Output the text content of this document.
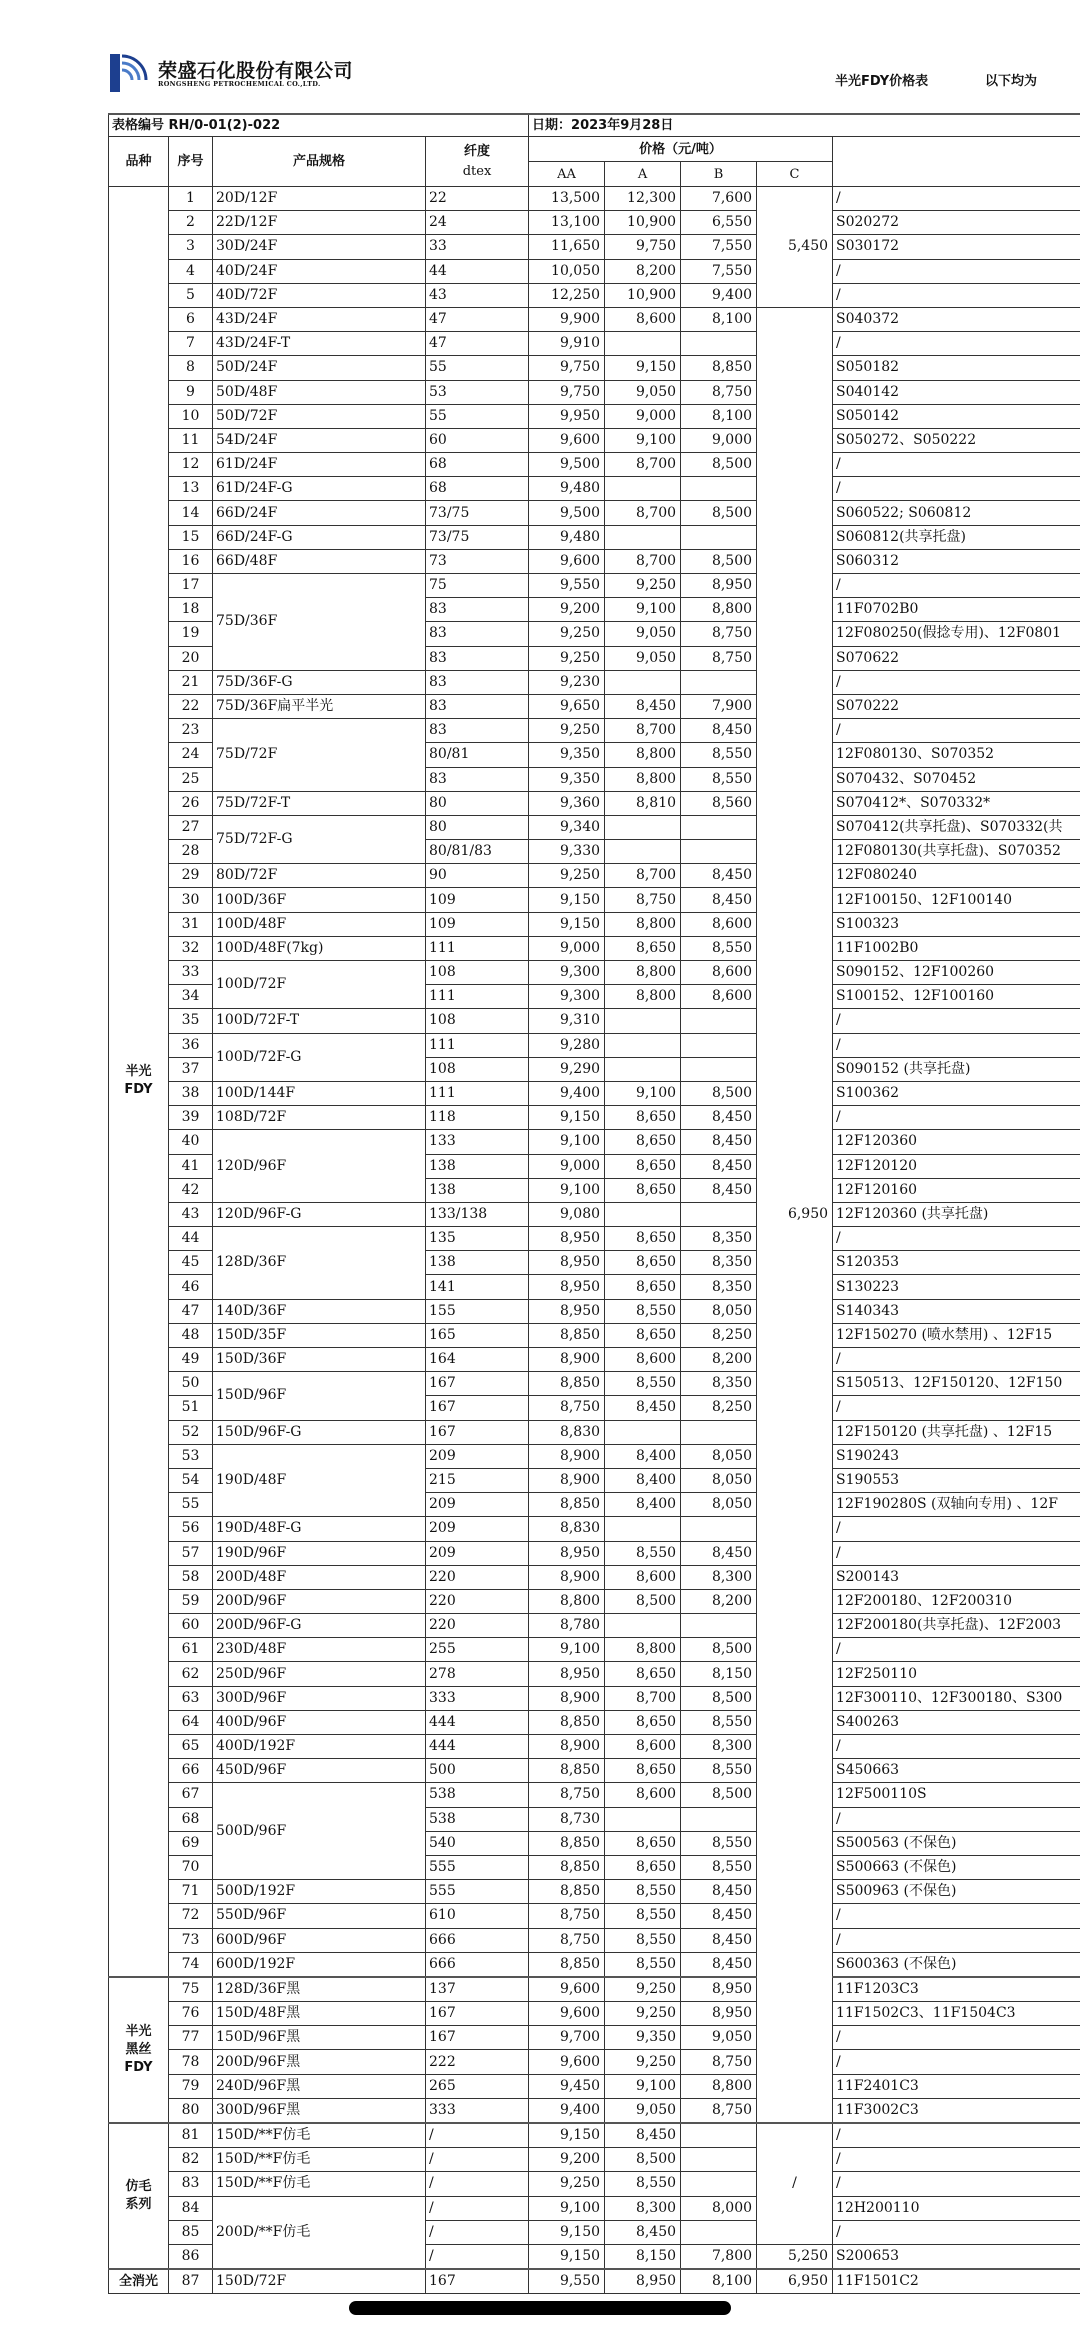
荣盛石化股份有限公司
RONGSHENG PETROCHEMICAL CO.,LTD.	半光FDY价格表	以下均为
表格编号 RH/0-01(2)-022				日期：2023年9月28日				
品种	序号	产品规格	纤度
dtex	价格（元/吨）				
				AA	A	B	C	
半光
FDY	1	20D/12F	22	13,500	12,300	7,600	5,450	/
	2	22D/12F	24	13,100	10,900	6,550		S020272
	3	30D/24F	33	11,650	9,750	7,550		S030172
	4	40D/24F	44	10,050	8,200	7,550		/
	5	40D/72F	43	12,250	10,900	9,400		/
	6	43D/24F	47	9,900	8,600	8,100	6,950	S040372
	7	43D/24F-T	47	9,910				/
	8	50D/24F	55	9,750	9,150	8,850		S050182
	9	50D/48F	53	9,750	9,050	8,750		S040142
	10	50D/72F	55	9,950	9,000	8,100		S050142
	11	54D/24F	60	9,600	9,100	9,000		S050272、S050222
	12	61D/24F	68	9,500	8,700	8,500		/
	13	61D/24F-G	68	9,480				/
	14	66D/24F	73/75	9,500	8,700	8,500		S060522; S060812
	15	66D/24F-G	73/75	9,480				S060812(共享托盘)
	16	66D/48F	73	9,600	8,700	8,500		S060312
	17	75D/36F	75	9,550	9,250	8,950		/
	18		83	9,200	9,100	8,800		11F0702B0
	19		83	9,250	9,050	8,750		12F080250(假捻专用)、12F0801
	20		83	9,250	9,050	8,750		S070622
	21	75D/36F-G	83	9,230				/
	22	75D/36F扁平半光	83	9,650	8,450	7,900		S070222
	23	75D/72F	83	9,250	8,700	8,450		/
	24		80/81	9,350	8,800	8,550		12F080130、S070352
	25		83	9,350	8,800	8,550		S070432、S070452
	26	75D/72F-T	80	9,360	8,810	8,560		S070412*、S070332*
	27	75D/72F-G	80	9,340				S070412(共享托盘)、S070332(共
	28		80/81/83	9,330				12F080130(共享托盘)、S070352
	29	80D/72F	90	9,250	8,700	8,450		12F080240
	30	100D/36F	109	9,150	8,750	8,450		12F100150、12F100140
	31	100D/48F	109	9,150	8,800	8,600		S100323
	32	100D/48F(7kg)	111	9,000	8,650	8,550		11F1002B0
	33	100D/72F	108	9,300	8,800	8,600		S090152、12F100260
	34		111	9,300	8,800	8,600		S100152、12F100160
	35	100D/72F-T	108	9,310				/
	36	100D/72F-G	111	9,280				/
	37		108	9,290				S090152 (共享托盘)
	38	100D/144F	111	9,400	9,100	8,500		S100362
	39	108D/72F	118	9,150	8,650	8,450		/
	40	120D/96F	133	9,100	8,650	8,450		12F120360
	41		138	9,000	8,650	8,450		12F120120
	42		138	9,100	8,650	8,450		12F120160
	43	120D/96F-G	133/138	9,080				12F120360 (共享托盘)
	44	128D/36F	135	8,950	8,650	8,350		/
	45		138	8,950	8,650	8,350		S120353
	46		141	8,950	8,650	8,350		S130223
	47	140D/36F	155	8,950	8,550	8,050		S140343
	48	150D/35F	165	8,850	8,650	8,250		12F150270 (喷水禁用) 、12F15
	49	150D/36F	164	8,900	8,600	8,200		/
	50	150D/96F	167	8,850	8,550	8,350		S150513、12F150120、12F150
	51		167	8,750	8,450	8,250		/
	52	150D/96F-G	167	8,830				12F150120 (共享托盘) 、12F15
	53	190D/48F	209	8,900	8,400	8,050		S190243
	54		215	8,900	8,400	8,050		S190553
	55		209	8,850	8,400	8,050		12F190280S (双轴向专用) 、12F
	56	190D/48F-G	209	8,830				/
	57	190D/96F	209	8,950	8,550	8,450		/
	58	200D/48F	220	8,900	8,600	8,300		S200143
	59	200D/96F	220	8,800	8,500	8,200		12F200180、12F200310
	60	200D/96F-G	220	8,780				12F200180(共享托盘)、12F2003
	61	230D/48F	255	9,100	8,800	8,500		/
	62	250D/96F	278	8,950	8,650	8,150		12F250110
	63	300D/96F	333	8,900	8,700	8,500		12F300110、12F300180、S300
	64	400D/96F	444	8,850	8,650	8,550		S400263
	65	400D/192F	444	8,900	8,600	8,300		/
	66	450D/96F	500	8,850	8,650	8,550		S450663
	67	500D/96F	538	8,750	8,600	8,500		12F500110S
	68		538	8,730				/
	69		540	8,850	8,650	8,550		S500563 (不保色)
	70		555	8,850	8,650	8,550		S500663 (不保色)
	71	500D/192F	555	8,850	8,550	8,450		S500963 (不保色)
	72	550D/96F	610	8,750	8,550	8,450		/
	73	600D/96F	666	8,750	8,550	8,450		/
	74	600D/192F	666	8,850	8,550	8,450		S600363 (不保色)
半光
黑丝
FDY	75	128D/36F黑	137	9,600	9,250	8,950		11F1203C3
	76	150D/48F黑	167	9,600	9,250	8,950		11F1502C3、11F1504C3
	77	150D/96F黑	167	9,700	9,350	9,050		/
	78	200D/96F黑	222	9,600	9,250	8,750		/
	79	240D/96F黑	265	9,450	9,100	8,800		11F2401C3
	80	300D/96F黑	333	9,400	9,050	8,750		11F3002C3
仿毛
系列	81	150D/**F仿毛	/	9,150	8,450		/	/
	82	150D/**F仿毛	/	9,200	8,500			/
	83	150D/**F仿毛	/	9,250	8,550			/
	84	200D/**F仿毛	/	9,100	8,300	8,000		12H200110
	85		/	9,150	8,450			/
	86		/	9,150	8,150	7,800	5,250	S200653
全消光	87	150D/72F	167	9,550	8,950	8,100	6,950	11F1501C2
